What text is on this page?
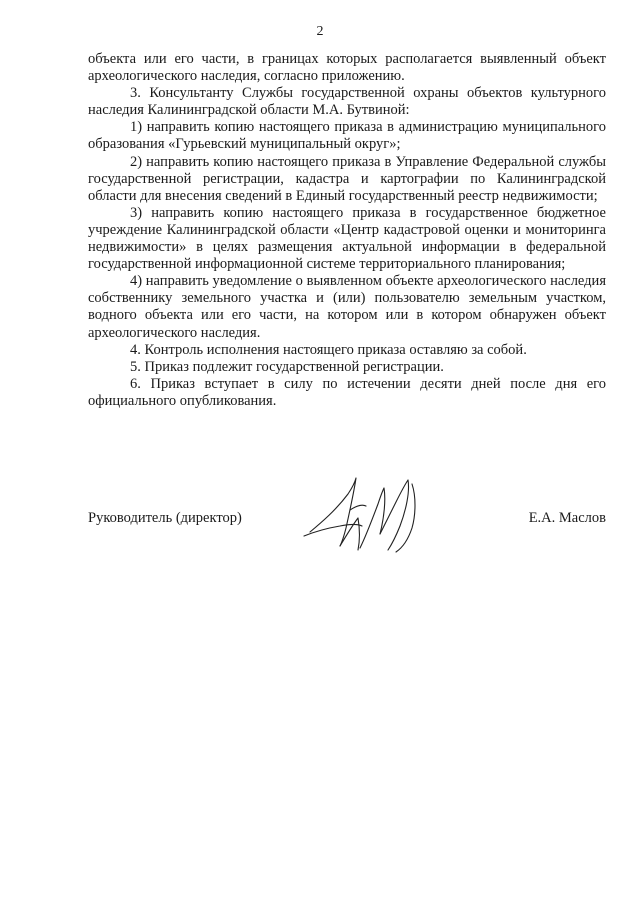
2

объекта или его части, в границах которых располагается выявленный объект археологического наследия, согласно приложению.

3. Консультанту Службы государственной охраны объектов культурного наследия Калининградской области М.А. Бутвиной:

1) направить копию настоящего приказа в администрацию муниципального образования «Гурьевский муниципальный округ»;

2) направить копию настоящего приказа в Управление Федеральной службы государственной регистрации, кадастра и картографии по Калининградской области для внесения сведений в Единый государственный реестр недвижимости;

3) направить копию настоящего приказа в государственное бюджетное учреждение Калининградской области «Центр кадастровой оценки и мониторинга недвижимости» в целях размещения актуальной информации в федеральной государственной информационной системе территориального планирования;

4) направить уведомление о выявленном объекте археологического наследия собственнику земельного участка и (или) пользователю земельным участком, водного объекта или его части, на котором или в котором обнаружен объект археологического наследия.

4. Контроль исполнения настоящего приказа оставляю за собой.

5. Приказ подлежит государственной регистрации.

6. Приказ вступает в силу по истечении десяти дней после дня его официального опубликования.

Руководитель (директор)	Е.А. Маслов
